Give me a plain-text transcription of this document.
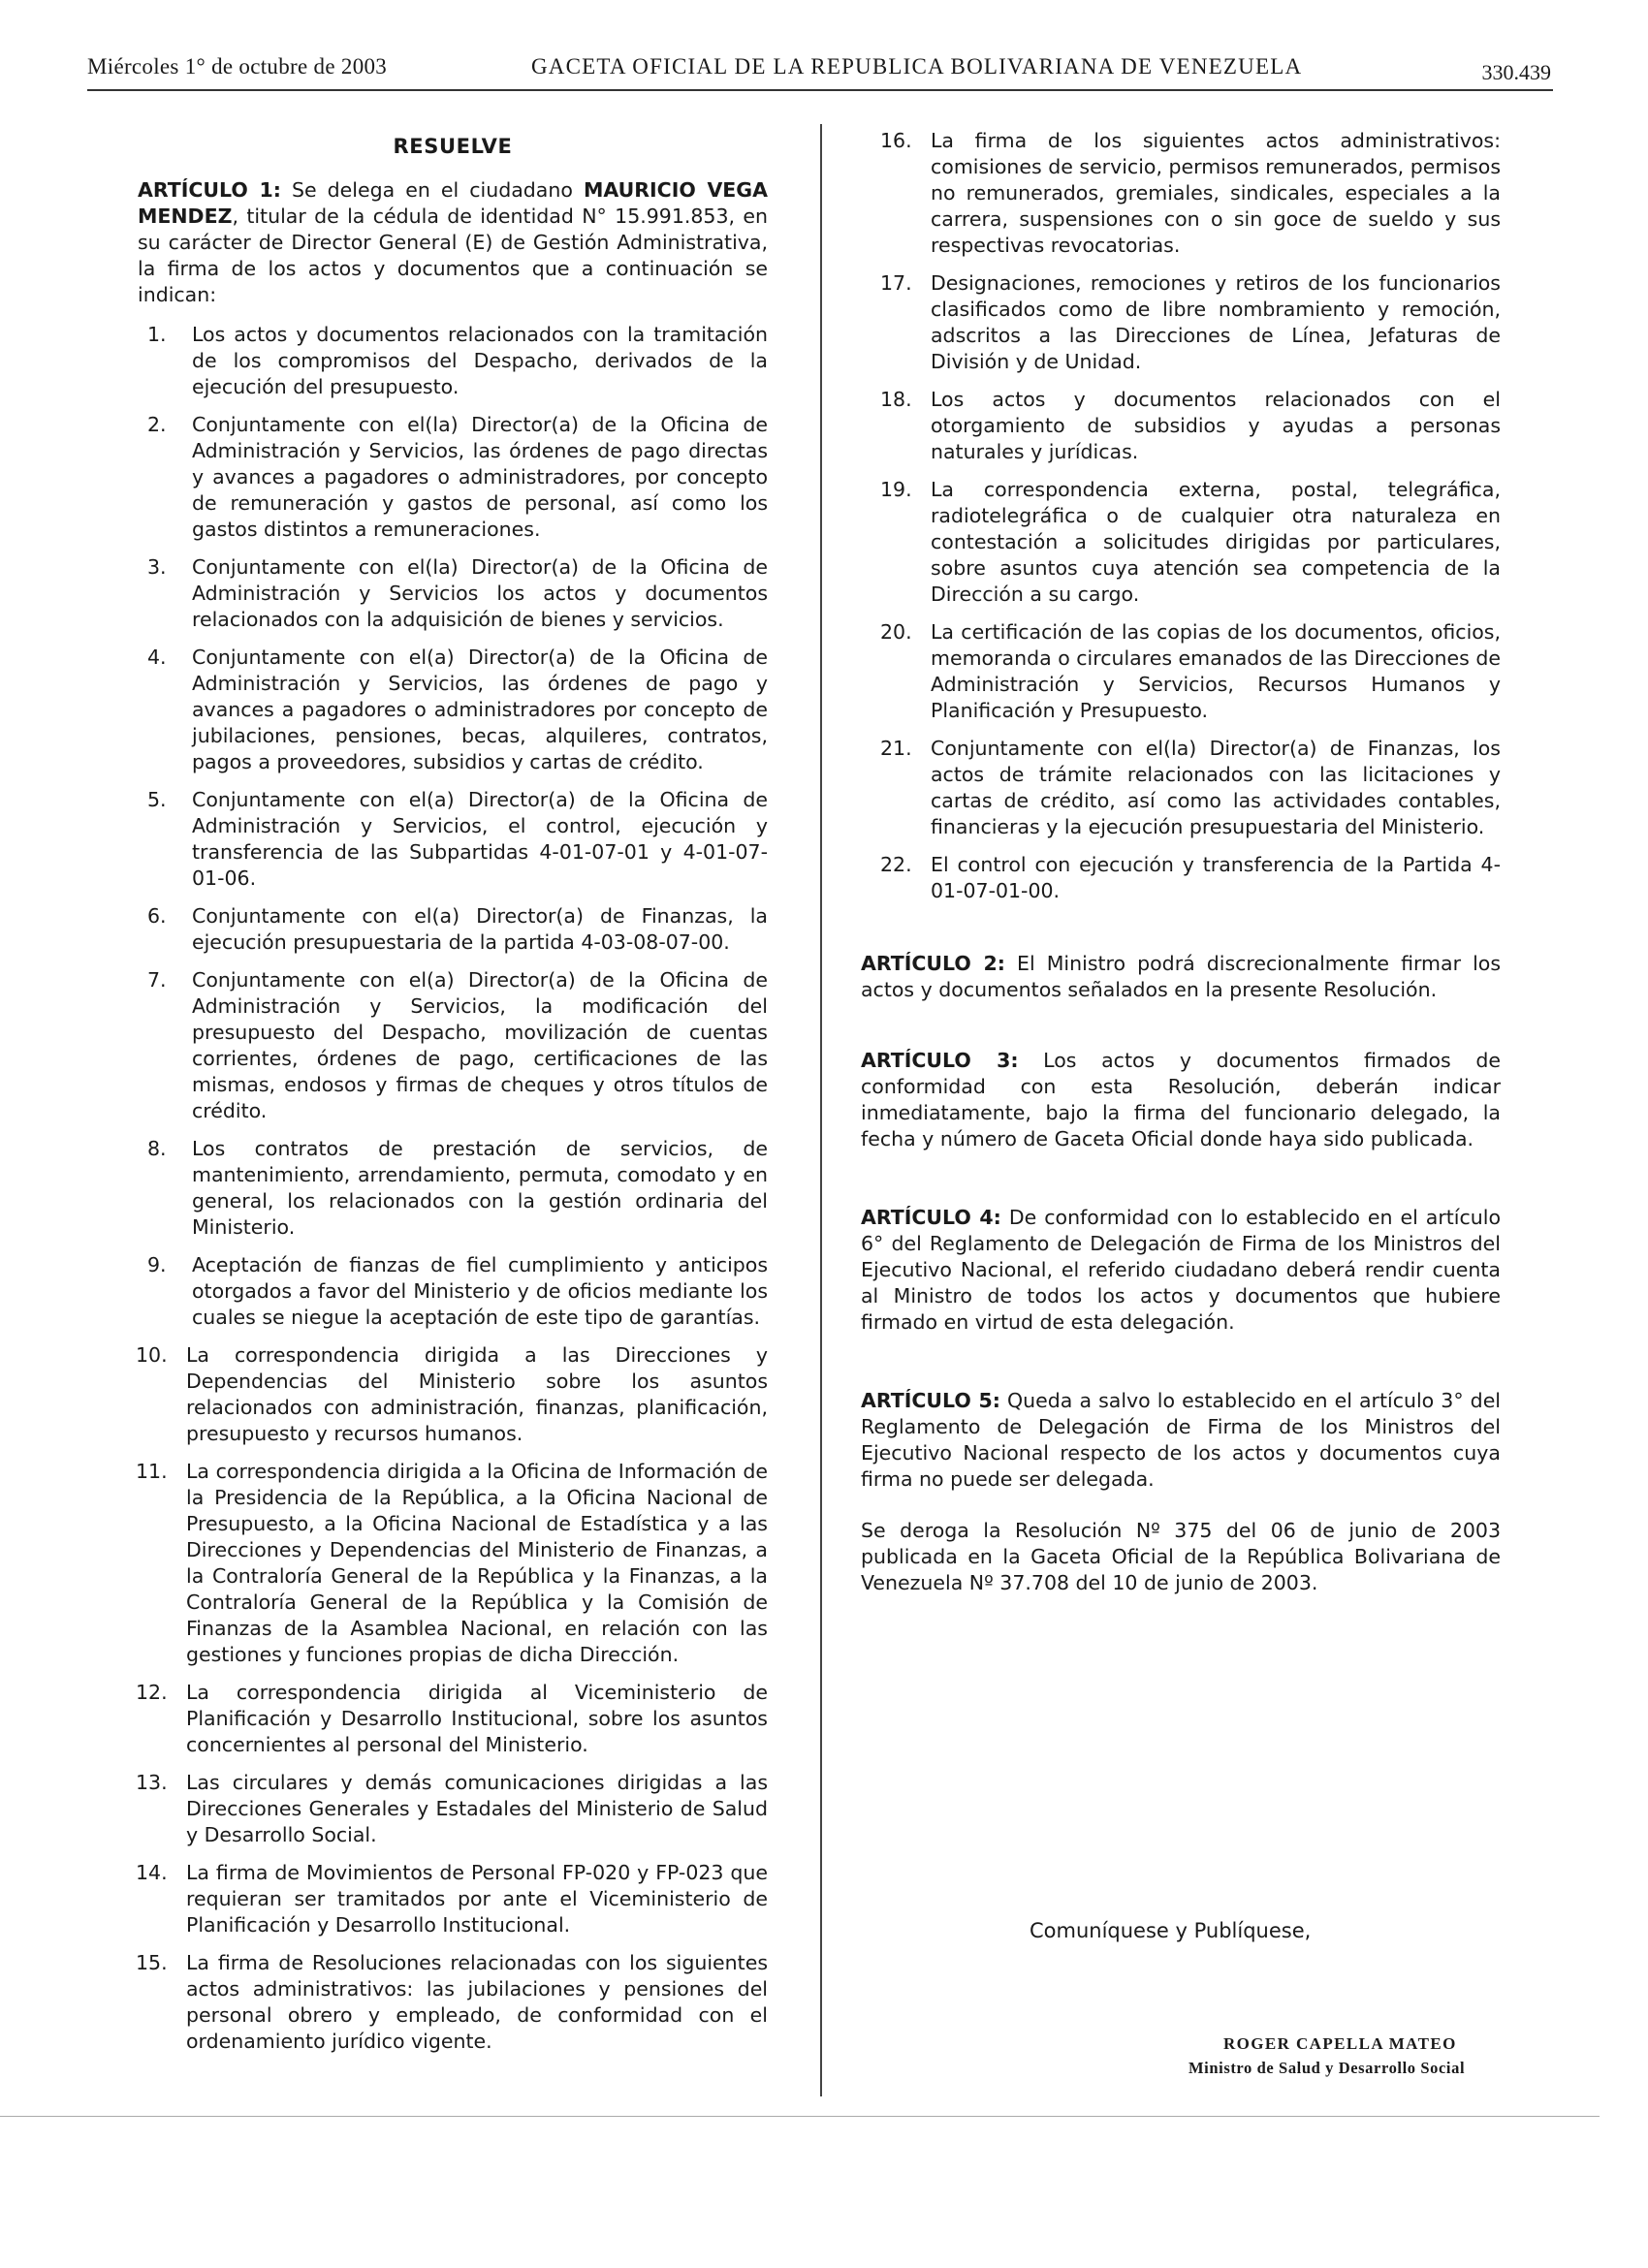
Miércoles 1° de octubre de 2003	GACETA OFICIAL DE LA REPUBLICA BOLIVARIANA DE VENEZUELA	330.439
RESUELVE

ARTÍCULO 1: Se delega en el ciudadano MAURICIO VEGA MENDEZ, titular de la cédula de identidad N° 15.991.853, en su carácter de Director General (E) de Gestión Administrativa, la firma de los actos y documentos que a continuación se indican:

1.	Los actos y documentos relacionados con la tramitación de los compromisos del Despacho, derivados de la ejecución del presupuesto.
2.	Conjuntamente con el(la) Director(a) de la Oficina de Administración y Servicios, las órdenes de pago directas y avances a pagadores o administradores, por concepto de remuneración y gastos de personal, así como los gastos distintos a remuneraciones.
3.	Conjuntamente con el(la) Director(a) de la Oficina de Administración y Servicios los actos y documentos relacionados con la adquisición de bienes y servicios.
4.	Conjuntamente con el(a) Director(a) de la Oficina de Administración y Servicios, las órdenes de pago y avances a pagadores o administradores por concepto de jubilaciones, pensiones, becas, alquileres, contratos, pagos a proveedores, subsidios y cartas de crédito.
5.	Conjuntamente con el(a) Director(a) de la Oficina de Administración y Servicios, el control, ejecución y transferencia de las Subpartidas 4-01-07-01 y 4-01-07-01-06.
6.	Conjuntamente con el(a) Director(a) de Finanzas, la ejecución presupuestaria de la partida 4-03-08-07-00.
7.	Conjuntamente con el(a) Director(a) de la Oficina de Administración y Servicios, la modificación del presupuesto del Despacho, movilización de cuentas corrientes, órdenes de pago, certificaciones de las mismas, endosos y firmas de cheques y otros títulos de crédito.
8.	Los contratos de prestación de servicios, de mantenimiento, arrendamiento, permuta, comodato y en general, los relacionados con la gestión ordinaria del Ministerio.
9.	Aceptación de fianzas de fiel cumplimiento y anticipos otorgados a favor del Ministerio y de oficios mediante los cuales se niegue la aceptación de este tipo de garantías.
10. La correspondencia dirigida a las Direcciones y Dependencias del Ministerio sobre los asuntos relacionados con administración, finanzas, planificación, presupuesto y recursos humanos.
11. La correspondencia dirigida a la Oficina de Información de la Presidencia de la República, a la Oficina Nacional de Presupuesto, a la Oficina Nacional de Estadística y a las Direcciones y Dependencias del Ministerio de Finanzas, a la Contraloría General de la República y la Finanzas, a la Contraloría General de la República y la Comisión de Finanzas de la Asamblea Nacional, en relación con las gestiones y funciones propias de dicha Dirección.
12. La correspondencia dirigida al Viceministerio de Planificación y Desarrollo Institucional, sobre los asuntos concernientes al personal del Ministerio.
13. Las circulares y demás comunicaciones dirigidas a las Direcciones Generales y Estadales del Ministerio de Salud y Desarrollo Social.
14. La firma de Movimientos de Personal FP-020 y FP-023 que requieran ser tramitados por ante el Viceministerio de Planificación y Desarrollo Institucional.
15. La firma de Resoluciones relacionadas con los siguientes actos administrativos: las jubilaciones y pensiones del personal obrero y empleado, de conformidad con el ordenamiento jurídico vigente.
16. La firma de los siguientes actos administrativos: comisiones de servicio, permisos remunerados, permisos no remunerados, gremiales, sindicales, especiales a la carrera, suspensiones con o sin goce de sueldo y sus respectivas revocatorias.
17. Designaciones, remociones y retiros de los funcionarios clasificados como de libre nombramiento y remoción, adscritos a las Direcciones de Línea, Jefaturas de División y de Unidad.
18. Los actos y documentos relacionados con el otorgamiento de subsidios y ayudas a personas naturales y jurídicas.
19. La correspondencia externa, postal, telegráfica, radiotelegráfica o de cualquier otra naturaleza en contestación a solicitudes dirigidas por particulares, sobre asuntos cuya atención sea competencia de la Dirección a su cargo.
20. La certificación de las copias de los documentos, oficios, memoranda o circulares emanados de las Direcciones de Administración y Servicios, Recursos Humanos y Planificación y Presupuesto.
21. Conjuntamente con el(la) Director(a) de Finanzas, los actos de trámite relacionados con las licitaciones y cartas de crédito, así como las actividades contables, financieras y la ejecución presupuestaria del Ministerio.
22. El control con ejecución y transferencia de la Partida 4-01-07-01-00.

ARTÍCULO 2: El Ministro podrá discrecionalmente firmar los actos y documentos señalados en la presente Resolución.

ARTÍCULO 3: Los actos y documentos firmados de conformidad con esta Resolución, deberán indicar inmediatamente, bajo la firma del funcionario delegado, la fecha y número de Gaceta Oficial donde haya sido publicada.

ARTÍCULO 4: De conformidad con lo establecido en el artículo 6° del Reglamento de Delegación de Firma de los Ministros del Ejecutivo Nacional, el referido ciudadano deberá rendir cuenta al Ministro de todos los actos y documentos que hubiere firmado en virtud de esta delegación.

ARTÍCULO 5: Queda a salvo lo establecido en el artículo 3° del Reglamento de Delegación de Firma de los Ministros del Ejecutivo Nacional respecto de los actos y documentos cuya firma no puede ser delegada.

Se deroga la Resolución Nº 375 del 06 de junio de 2003 publicada en la Gaceta Oficial de la República Bolivariana de Venezuela Nº 37.708 del 10 de junio de 2003.

Comuníquese y Publíquese,
ROGER CAPELLA MATEO
Ministro de Salud y Desarrollo Social
